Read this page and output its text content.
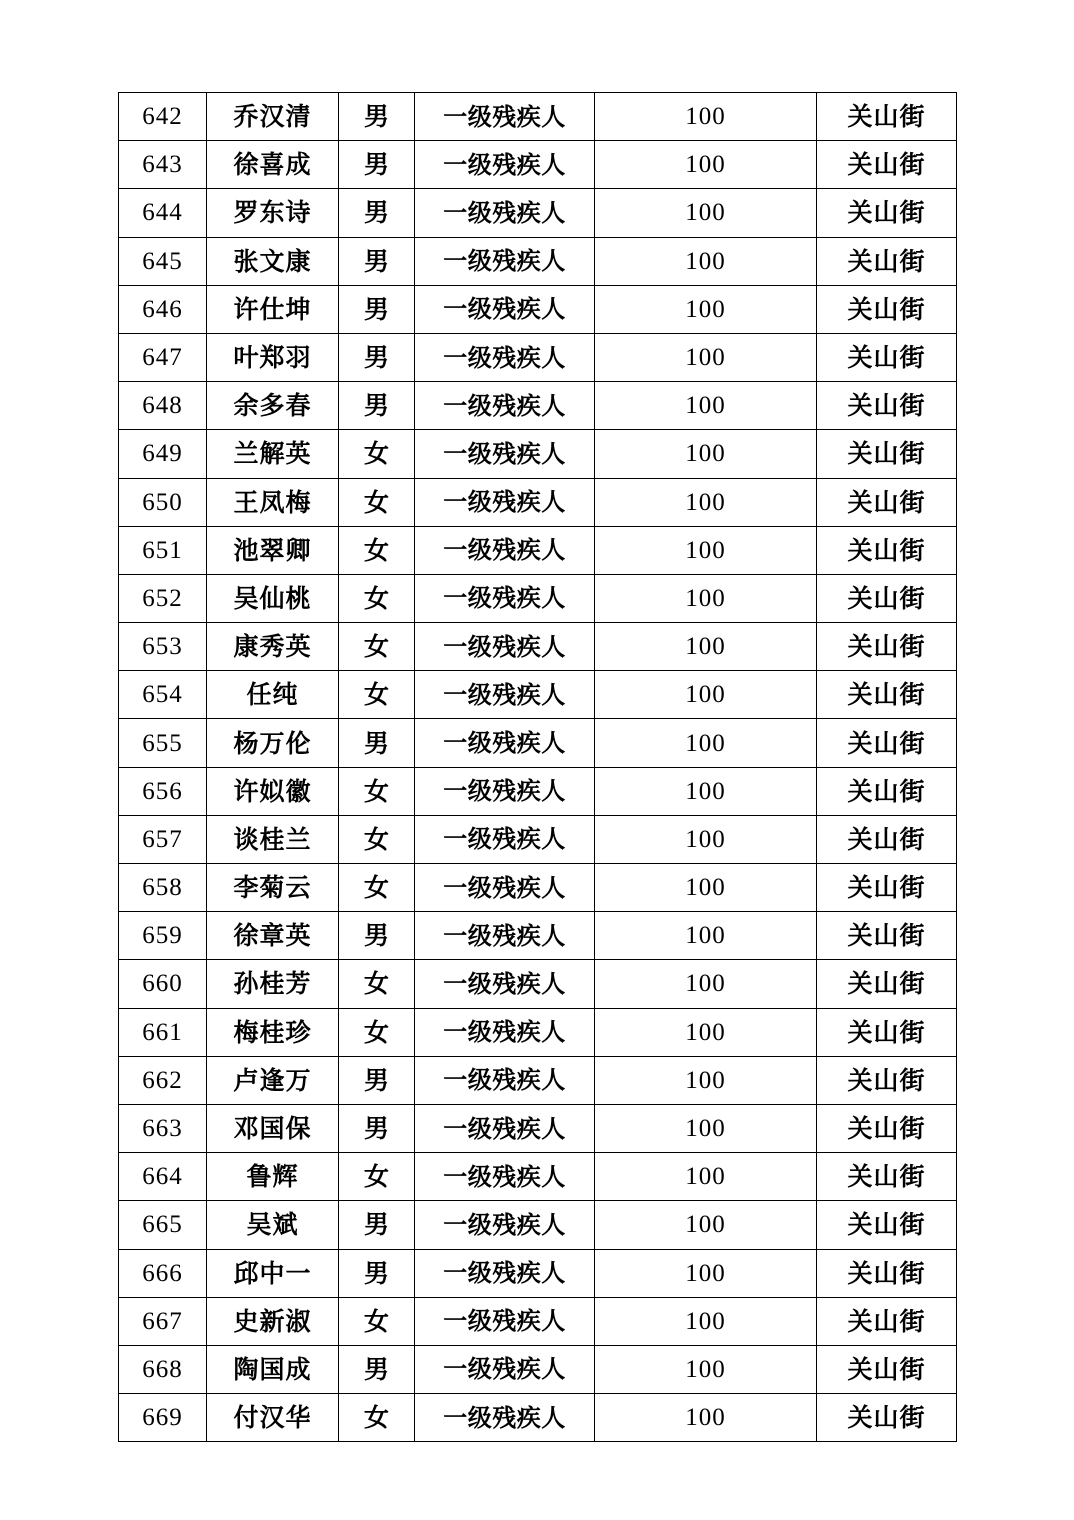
642	乔汉清	男	一级残疾人	100	关山街
643	徐喜成	男	一级残疾人	100	关山街
644	罗东诗	男	一级残疾人	100	关山街
645	张文康	男	一级残疾人	100	关山街
646	许仕坤	男	一级残疾人	100	关山街
647	叶郑羽	男	一级残疾人	100	关山街
648	余多春	男	一级残疾人	100	关山街
649	兰解英	女	一级残疾人	100	关山街
650	王凤梅	女	一级残疾人	100	关山街
651	池翠卿	女	一级残疾人	100	关山街
652	吴仙桃	女	一级残疾人	100	关山街
653	康秀英	女	一级残疾人	100	关山街
654	任纯	女	一级残疾人	100	关山街
655	杨万伦	男	一级残疾人	100	关山街
656	许姒徽	女	一级残疾人	100	关山街
657	谈桂兰	女	一级残疾人	100	关山街
658	李菊云	女	一级残疾人	100	关山街
659	徐章英	男	一级残疾人	100	关山街
660	孙桂芳	女	一级残疾人	100	关山街
661	梅桂珍	女	一级残疾人	100	关山街
662	卢逢万	男	一级残疾人	100	关山街
663	邓国保	男	一级残疾人	100	关山街
664	鲁辉	女	一级残疾人	100	关山街
665	吴斌	男	一级残疾人	100	关山街
666	邱中一	男	一级残疾人	100	关山街
667	史新淑	女	一级残疾人	100	关山街
668	陶国成	男	一级残疾人	100	关山街
669	付汉华	女	一级残疾人	100	关山街
